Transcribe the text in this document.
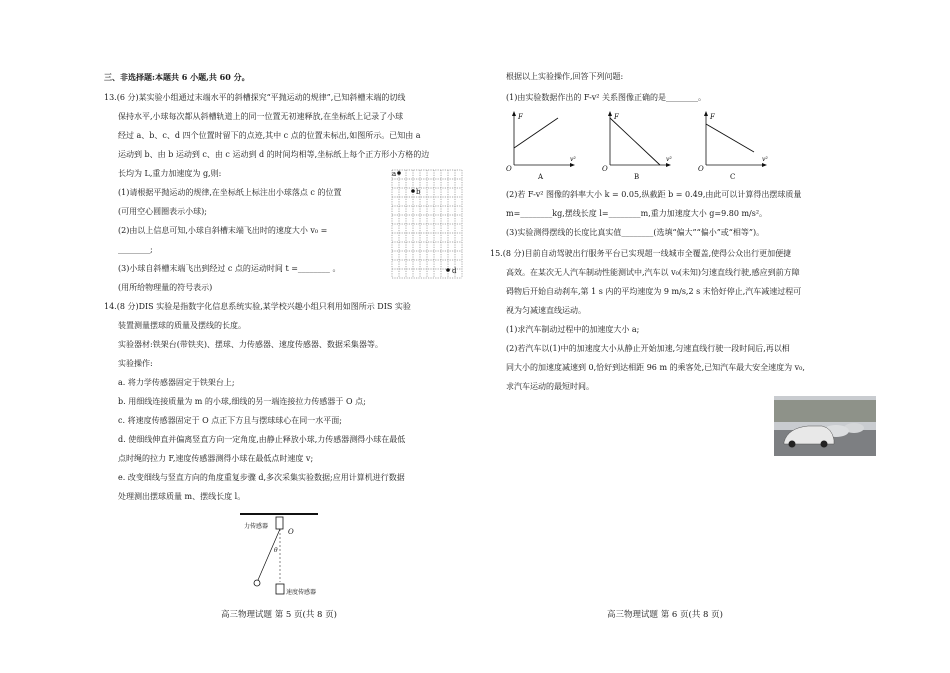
三、非选择题:本题共 6 小题,共 60 分。
13.(6 分)某实验小组通过末端水平的斜槽探究“平抛运动的规律”,已知斜槽末端的切线
保持水平,小球每次都从斜槽轨道上的同一位置无初速释放,在坐标纸上记录了小球
经过 a、b、c、d 四个位置时留下的点迹,其中 c 点的位置未标出,如图所示。已知由 a
运动到 b、由 b 运动到 c、由 c 运动到 d 的时间均相等,坐标纸上每个正方形小方格的边
长均为 L,重力加速度为 g,则:
(1)请根据平抛运动的规律,在坐标纸上标注出小球落点 c 的位置
(可用空心圆圈表示小球);
(2)由以上信息可知,小球自斜槽末端飞出时的速度大小 v₀ =
________;
(3)小球自斜槽末端飞出到经过 c 点的运动时间 t =________ 。
(用所给物理量的符号表示)
a
b
d
14.(8 分)DIS 实验是指数字化信息系统实验,某学校兴趣小组只利用如图所示 DIS 实验
装置测量摆球的质量及摆线的长度。
实验器材:铁架台(带铁夹)、摆球、力传感器、速度传感器、数据采集器等。
实验操作:
a. 将力学传感器固定于铁架台上;
b. 用细线连接质量为 m 的小球,细线的另一端连接拉力传感器于 O 点;
c. 将速度传感器固定于 O 点正下方且与摆球球心在同一水平面;
d. 使细线伸直并偏离竖直方向一定角度,由静止释放小球,力传感器测得小球在最低
点时绳的拉力 F,速度传感器测得小球在最低点时速度 v;
e. 改变细线与竖直方向的角度重复步骤 d,多次采集实验数据;应用计算机进行数据
处理测出摆球质量 m、摆线长度 l。
力传感器
O
θ
速度传感器
高三物理试题 第 5 页(共 8 页)
根据以上实验操作,回答下列问题:
(1)由实验数据作出的 F-v² 关系图像正确的是________。
F
v²
O
A
F
v²
O
B
F
v²
O
C
(2)若 F-v² 图像的斜率大小 k = 0.05,纵截距 b = 0.49,由此可以计算得出摆球质量
m=________kg,摆线长度 l=________m,重力加速度大小 g=9.80 m/s²。
(3)实验测得摆线的长度比真实值________(选填“偏大”“偏小”或“相等”)。
15.(8 分)目前自动驾驶出行服务平台已实现超一线城市全覆盖,使得公众出行更加便捷
高效。在某次无人汽车制动性能测试中,汽车以 v₀(未知)匀速直线行驶,感应到前方障
碍物后开始自动刹车,第 1 s 内的平均速度为 9 m/s,2 s 末恰好停止,汽车减速过程可
视为匀减速直线运动。
(1)求汽车制动过程中的加速度大小 a;
(2)若汽车以(1)中的加速度大小从静止开始加速,匀速直线行驶一段时间后,再以相
同大小的加速度减速到 0,恰好到达相距 96 m 的乘客处,已知汽车最大安全速度为 v₀,
求汽车运动的最短时间。
高三物理试题 第 6 页(共 8 页)
